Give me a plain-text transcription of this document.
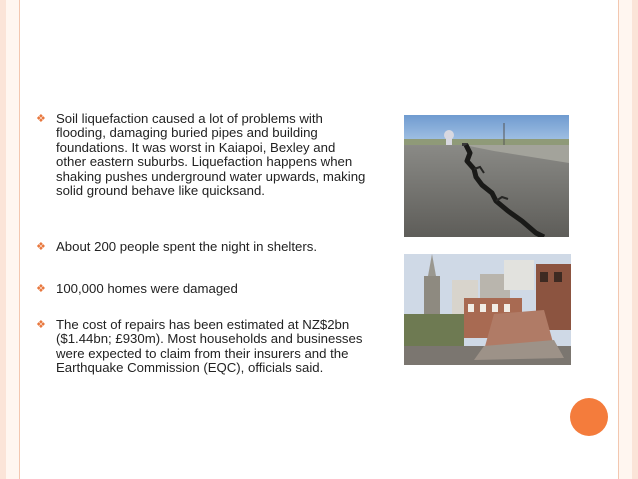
❖ Soil liquefaction caused a lot of problems with flooding, damaging buried pipes and building foundations. It was worst in Kaiapoi, Bexley and other eastern suburbs. Liquefaction happens when shaking pushes underground water upwards, making solid ground behave like quicksand.
❖ About 200 people spent the night in shelters.
❖ 100,000 homes were damaged
❖ The cost of repairs has been estimated at NZ$2bn ($1.44bn; £930m). Most households and businesses were expected to claim from their insurers and the Earthquake Commission (EQC), officials said.
